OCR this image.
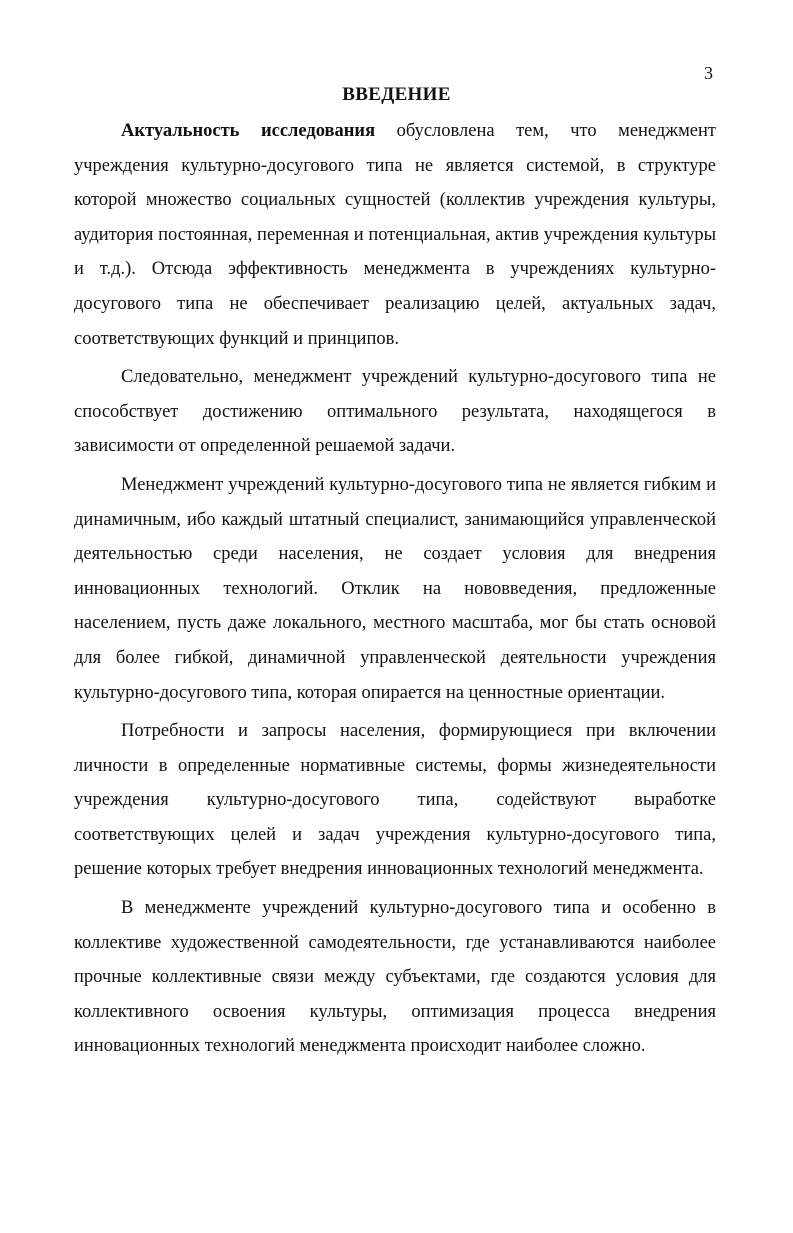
3
ВВЕДЕНИЕ

Актуальность исследования обусловлена тем, что менеджмент учреждения культурно-досугового типа не является системой, в структуре которой множество социальных сущностей (коллектив учреждения культуры, аудитория постоянная, переменная и потенциальная, актив учреждения культуры и т.д.). Отсюда эффективность менеджмента в учреждениях культурно-досугового типа не обеспечивает реализацию целей, актуальных задач, соответствующих функций и принципов.

Следовательно, менеджмент учреждений культурно-досугового типа не способствует достижению оптимального результата, находящегося в зависимости от определенной решаемой задачи.

Менеджмент учреждений культурно-досугового типа не является гибким и динамичным, ибо каждый штатный специалист, занимающийся управленческой деятельностью среди населения, не создает условия для внедрения инновационных технологий. Отклик на нововведения, предложенные населением, пусть даже локального, местного масштаба, мог бы стать основой для более гибкой, динамичной управленческой деятельности учреждения культурно-досугового типа, которая опирается на ценностные ориентации.

Потребности и запросы населения, формирующиеся при включении личности в определенные нормативные системы, формы жизнедеятельности учреждения культурно-досугового типа, содействуют выработке соответствующих целей и задач учреждения культурно-досугового типа, решение которых требует внедрения инновационных технологий менеджмента.

В менеджменте учреждений культурно-досугового типа и особенно в коллективе художественной самодеятельности, где устанавливаются наиболее прочные коллективные связи между субъектами, где создаются условия для коллективного освоения культуры, оптимизация процесса внедрения инновационных технологий менеджмента происходит наиболее сложно.
